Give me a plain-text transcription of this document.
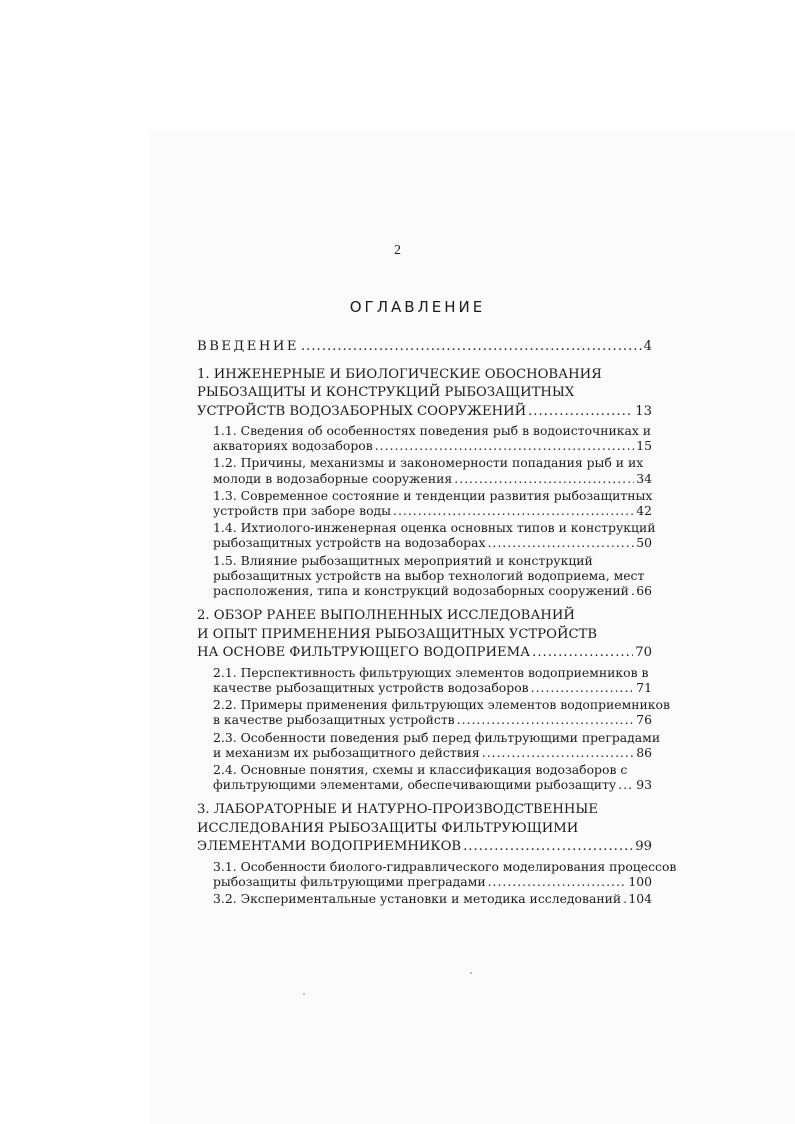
2
ОГЛАВЛЕНИЕ
ВВЕДЕНИЕ .....	4
1. ИНЖЕНЕРНЫЕ И БИОЛОГИЧЕСКИЕ ОБОСНОВАНИЯ
РЫБОЗАЩИТЫ И КОНСТРУКЦИЙ РЫБОЗАЩИТНЫХ
УСТРОЙСТВ ВОДОЗАБОРНЫХ СООРУЖЕНИЙ .....	13
1.1. Сведения об особенностях поведения рыб в водоисточниках и
акваториях водозаборов .....	15
1.2. Причины, механизмы и закономерности попадания рыб и их
молоди в водозаборные сооружения .....	34
1.3. Современное состояние и тенденции развития рыбозащитных
устройств при заборе воды .....	42
1.4. Ихтиолого-инженерная оценка основных типов и конструкций
рыбозащитных устройств на водозаборах .....	50
1.5. Влияние рыбозащитных мероприятий и конструкций
рыбозащитных устройств на выбор технологий водоприема, мест
расположения, типа и конструкций водозаборных сооружений ..... 66
2. ОБЗОР РАНЕЕ ВЫПОЛНЕННЫХ ИССЛЕДОВАНИЙ
И ОПЫТ ПРИМЕНЕНИЯ РЫБОЗАЩИТНЫХ УСТРОЙСТВ
НА ОСНОВЕ ФИЛЬТРУЮЩЕГО ВОДОПРИЕМА .....	70
2.1. Перспективность фильтрующих элементов водоприемников в
качестве рыбозащитных устройств водозаборов .....	71
2.2. Примеры применения фильтрующих элементов водоприемников
в качестве рыбозащитных устройств .....	76
2.3. Особенности поведения рыб перед фильтрующими преградами
и механизм их рыбозащитного действия .....	86
2.4. Основные понятия, схемы и классификация водозаборов с
фильтрующими элементами, обеспечивающими рыбозащиту ..... 93
3. ЛАБОРАТОРНЫЕ И НАТУРНО-ПРОИЗВОДСТВЕННЫЕ
ИССЛЕДОВАНИЯ РЫБОЗАЩИТЫ ФИЛЬТРУЮЩИМИ
ЭЛЕМЕНТАМИ ВОДОПРИЕМНИКОВ .....	99
3.1. Особенности биолого-гидравлического моделирования процессов
рыбозащиты фильтрующими преградами .....	100
3.2. Экспериментальные установки и методика исследований ..... 104
